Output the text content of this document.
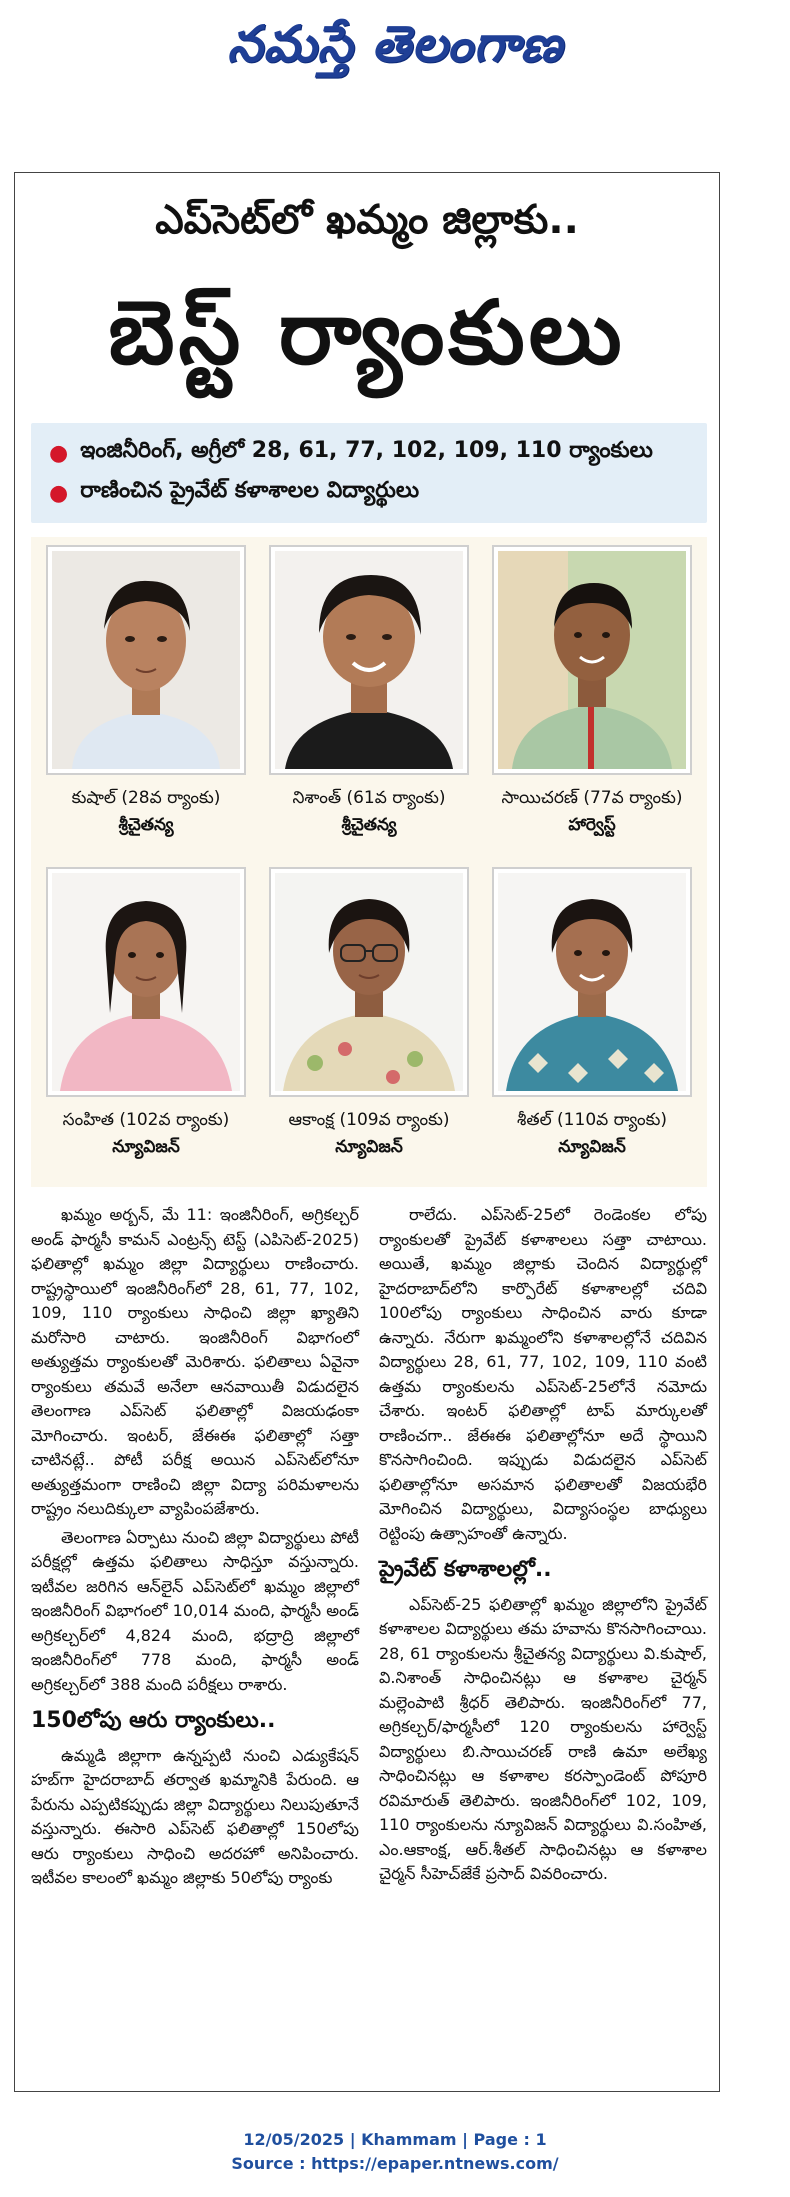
నమస్తే తెలంగాణ
ఎప్‌సెట్‌లో ఖమ్మం జిల్లాకు..
బెస్ట్ ర్యాంకులు
● ఇంజినీరింగ్, అగ్రీలో 28, 61, 77, 102, 109, 110 ర్యాంకులు
● రాణించిన ప్రైవేట్ కళాశాలల విద్యార్థులు
కుషాల్ (28వ ర్యాంకు)
శ్రీచైతన్య
నిశాంత్ (61వ ర్యాంకు)
శ్రీచైతన్య
సాయిచరణ్ (77వ ర్యాంకు)
హార్వెస్ట్
సంహిత (102వ ర్యాంకు)
న్యూవిజన్
ఆకాంక్ష (109వ ర్యాంకు)
న్యూవిజన్
శీతల్ (110వ ర్యాంకు)
న్యూవిజన్

ఖమ్మం అర్బన్, మే 11: ఇంజినీరింగ్, అగ్రికల్చర్ అండ్ ఫార్మసీ కామన్ ఎంట్రన్స్ టెస్ట్ (ఎపిసెట్-2025) ఫలితాల్లో ఖమ్మం జిల్లా విద్యార్థులు రాణించారు. రాష్ట్రస్థాయిలో ఇంజినీరింగ్‌లో 28, 61, 77, 102, 109, 110 ర్యాంకులు సాధించి జిల్లా ఖ్యాతిని మరోసారి చాటారు. ఇంజినీరింగ్ విభాగంలో అత్యుత్తమ ర్యాంకులతో మెరిశారు. ఫలితాలు ఏవైనా ర్యాంకులు తమవే అనేలా ఆనవాయితీ విడుదలైన తెలంగాణ ఎప్‌సెట్ ఫలితాల్లో విజయఢంకా మోగించారు. ఇంటర్, జేఈఈ ఫలితాల్లో సత్తా చాటినట్లే.. పోటీ పరీక్ష అయిన ఎప్‌సెట్‌లోనూ అత్యుత్తమంగా రాణించి జిల్లా విద్యా పరిమళాలను రాష్ట్రం నలుదిక్కులా వ్యాపింపజేశారు.

తెలంగాణ ఏర్పాటు నుంచి జిల్లా విద్యార్థులు పోటీ పరీక్షల్లో ఉత్తమ ఫలితాలు సాధిస్తూ వస్తున్నారు. ఇటీవల జరిగిన ఆన్‌లైన్ ఎప్‌సెట్‌లో ఖమ్మం జిల్లాలో ఇంజినీరింగ్ విభాగంలో 10,014 మంది, ఫార్మసీ అండ్ అగ్రికల్చర్‌లో 4,824 మంది, భద్రాద్రి జిల్లాలో ఇంజినీరింగ్‌లో 778 మంది, ఫార్మసీ అండ్ అగ్రికల్చర్‌లో 388 మంది పరీక్షలు రాశారు.

150లోపు ఆరు ర్యాంకులు..

ఉమ్మడి జిల్లాగా ఉన్నప్పటి నుంచి ఎడ్యుకేషన్ హబ్‌గా హైదరాబాద్ తర్వాత ఖమ్మానికి పేరుంది. ఆ పేరును ఎప్పటికప్పుడు జిల్లా విద్యార్థులు నిలుపుతూనే వస్తున్నారు. ఈసారి ఎప్‌సెట్ ఫలితాల్లో 150లోపు ఆరు ర్యాంకులు సాధించి అదరహో అనిపించారు. ఇటీవల కాలంలో ఖమ్మం జిల్లాకు 50లోపు ర్యాంకు

రాలేదు. ఎప్‌సెట్-25లో రెండెంకల లోపు ర్యాంకులతో ప్రైవేట్ కళాశాలలు సత్తా చాటాయి. అయితే, ఖమ్మం జిల్లాకు చెందిన విద్యార్థుల్లో హైదరాబాద్‌లోని కార్పొరేట్ కళాశాలల్లో చదివి 100లోపు ర్యాంకులు సాధించిన వారు కూడా ఉన్నారు. నేరుగా ఖమ్మంలోని కళాశాలల్లోనే చదివిన విద్యార్థులు 28, 61, 77, 102, 109, 110 వంటి ఉత్తమ ర్యాంకులను ఎప్‌సెట్-25లోనే నమోదు చేశారు. ఇంటర్ ఫలితాల్లో టాప్ మార్కులతో రాణించగా.. జేఈఈ ఫలితాల్లోనూ అదే స్థాయిని కొనసాగించింది. ఇప్పుడు విడుదలైన ఎప్‌సెట్ ఫలితాల్లోనూ అసమాన ఫలితాలతో విజయభేరి మోగించిన విద్యార్థులు, విద్యాసంస్థల బాధ్యులు రెట్టింపు ఉత్సాహంతో ఉన్నారు.

ప్రైవేట్ కళాశాలల్లో..

ఎప్‌సెట్-25 ఫలితాల్లో ఖమ్మం జిల్లాలోని ప్రైవేట్ కళాశాలల విద్యార్థులు తమ హవాను కొనసాగించాయి. 28, 61 ర్యాంకులను శ్రీచైతన్య విద్యార్థులు వి.కుషాల్, వి.నిశాంత్ సాధించినట్లు ఆ కళాశాల చైర్మన్ మల్లెంపాటి శ్రీధర్ తెలిపారు. ఇంజినీరింగ్‌లో 77, అగ్రికల్చర్/ఫార్మసీలో 120 ర్యాంకులను హార్వెస్ట్ విద్యార్థులు బి.సాయిచరణ్ రాణి ఉమా అలేఖ్య సాధించినట్లు ఆ కళాశాల కరస్పాండెంట్ పోపూరి రవిమారుత్ తెలిపారు. ఇంజినీరింగ్‌లో 102, 109, 110 ర్యాంకులను న్యూవిజన్ విద్యార్థులు వి.సంహిత, ఎం.ఆకాంక్ష, ఆర్.శీతల్ సాధించినట్లు ఆ కళాశాల చైర్మన్ సీహెచ్‌జేకే ప్రసాద్ వివరించారు.

12/05/2025 | Khammam | Page : 1
Source : https://epaper.ntnews.com/
